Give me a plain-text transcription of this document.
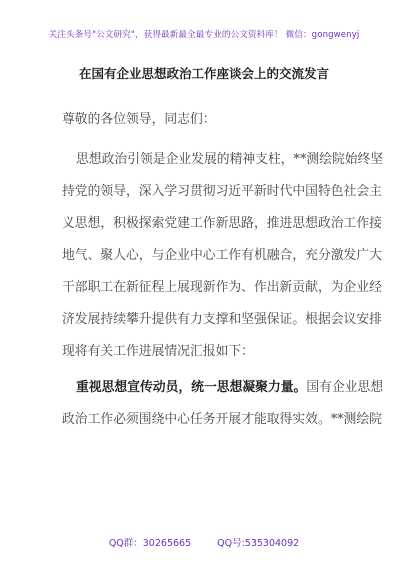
关注头条号"公文研究"，获得最新最全最专业的公文资料库！ 微信：gongwenyj
在国有企业思想政治工作座谈会上的交流发言
尊敬的各位领导，同志们：
思想政治引领是企业发展的精神支柱，**测绘院始终坚
持党的领导，深入学习贯彻习近平新时代中国特色社会主
义思想，积极探索党建工作新思路，推进思想政治工作接
地气、聚人心，与企业中心工作有机融合，充分激发广大
干部职工在新征程上展现新作为、作出新贡献，为企业经
济发展持续攀升提供有力支撑和坚强保证。根据会议安排
现将有关工作进展情况汇报如下：
重视思想宣传动员，统一思想凝聚力量。 国有企业思想
政治工作必须围绕中心任务开展才能取得实效。**测绘院
QQ群：30265665	QQ号:535304092
